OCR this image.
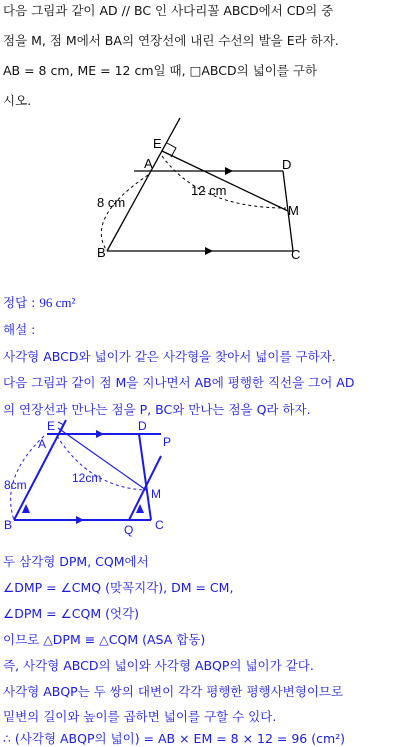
다음 그림과 같이 AD // BC 인 사다리꼴 ABCD에서 CD의 중
점을 M, 점 M에서 BA의 연장선에 내린 수선의 발을 E라 하자.
AB = 8 cm, ME = 12 cm일 때, □ABCD의 넓이를 구하
시오.
E
A	D
M
B	C
8 cm
12 cm
정답 : 96 cm²
해설 :
사각형 ABCD와 넓이가 같은 사각형을 찾아서 넓이를 구하자.
다음 그림과 같이 점 M을 지나면서 AB에 평행한 직선을 그어 AD
의 연장선과 만나는 점을 P, BC와 만나는 점을 Q라 하자.
E
A
D
P
M
B	Q C
8cm	12cm
두 삼각형 DPM, CQM에서
∠DMP = ∠CMQ (맞꼭지각), DM = CM,
∠DPM = ∠CQM (엇각)
이므로 △DPM ≡ △CQM (ASA 합동)
즉, 사각형 ABCD의 넓이와 사각형 ABQP의 넓이가 같다.
사각형 ABQP는 두 쌍의 대변이 각각 평행한 평행사변형이므로
밑변의 길이와 높이를 곱하면 넓이를 구할 수 있다.
∴ (사각형 ABQP의 넓이) = AB × EM = 8 × 12 = 96 (cm²)
